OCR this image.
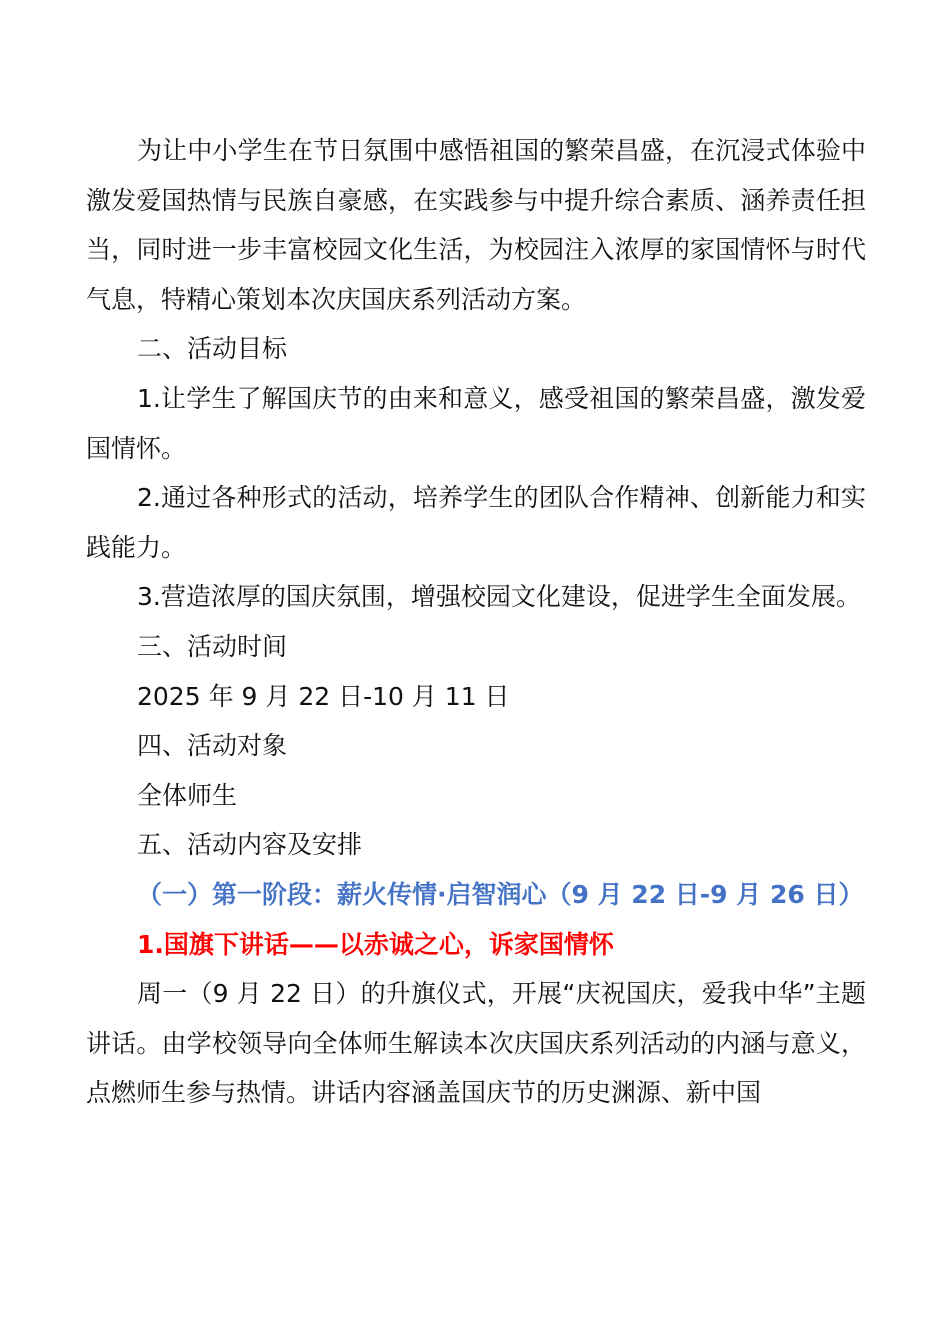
为让中小学生在节日氛围中感悟祖国的繁荣昌盛，在沉浸式体验中激发爱国热情与民族自豪感，在实践参与中提升综合素质、涵养责任担当，同时进一步丰富校园文化生活，为校园注入浓厚的家国情怀与时代气息，特精心策划本次庆国庆系列活动方案。

二、活动目标

1.让学生了解国庆节的由来和意义，感受祖国的繁荣昌盛，激发爱国情怀。

2.通过各种形式的活动，培养学生的团队合作精神、创新能力和实践能力。

3.营造浓厚的国庆氛围，增强校园文化建设，促进学生全面发展。

三、活动时间

2025 年 9 月 22 日-10 月 11 日

四、活动对象

全体师生

五、活动内容及安排

（一）第一阶段：薪火传情·启智润心（9 月 22 日-9 月 26 日）

1.国旗下讲话——以赤诚之心，诉家国情怀

周一（9 月 22 日）的升旗仪式，开展“庆祝国庆，爱我中华”主题讲话。由学校领导向全体师生解读本次庆国庆系列活动的内涵与意义，点燃师生参与热情。讲话内容涵盖国庆节的历史渊源、新中国
